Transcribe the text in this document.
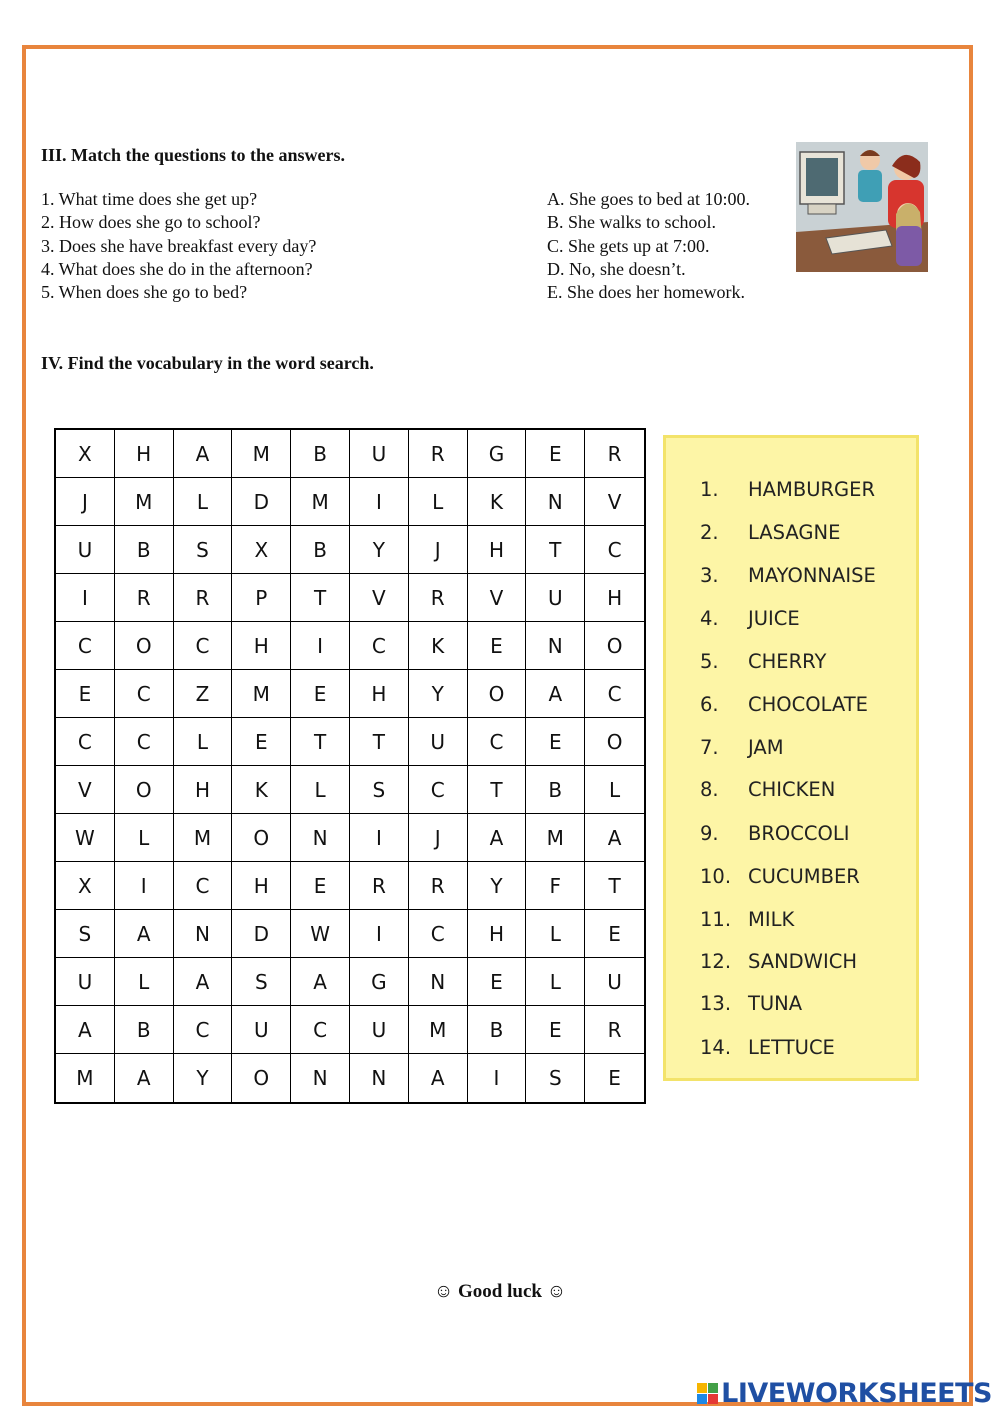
III. Match the questions to the answers.
1. What time does she get up?
2. How does she go to school?
3. Does she have breakfast every day?
4. What does she do in the afternoon?
5. When does she go to bed?
A. She goes to bed at 10:00.
B. She walks to school.
C. She gets up at 7:00.
D. No, she doesn’t.
E. She does her homework.
IV. Find the vocabulary in the word search.
X	H	A	M	B	U	R	G	E	R
J	M	L	D	M	I	L	K	N	V
U	B	S	X	B	Y	J	H	T	C
I	R	R	P	T	V	R	V	U	H
C	O	C	H	I	C	K	E	N	O
E	C	Z	M	E	H	Y	O	A	C
C	C	L	E	T	T	U	C	E	O
V	O	H	K	L	S	C	T	B	L
W	L	M	O	N	I	J	A	M	A
X	I	C	H	E	R	R	Y	F	T
S	A	N	D	W	I	C	H	L	E
U	L	A	S	A	G	N	E	L	U
A	B	C	U	C	U	M	B	E	R
M	A	Y	O	N	N	A	I	S	E
1. HAMBURGER
2. LASAGNE
3. MAYONNAISE
4. JUICE
5. CHERRY
6. CHOCOLATE
7. JAM
8. CHICKEN
9. BROCCOLI
10. CUCUMBER
11. MILK
12. SANDWICH
13. TUNA
14. LETTUCE
☺ Good luck ☺
LIVEWORKSHEETS
